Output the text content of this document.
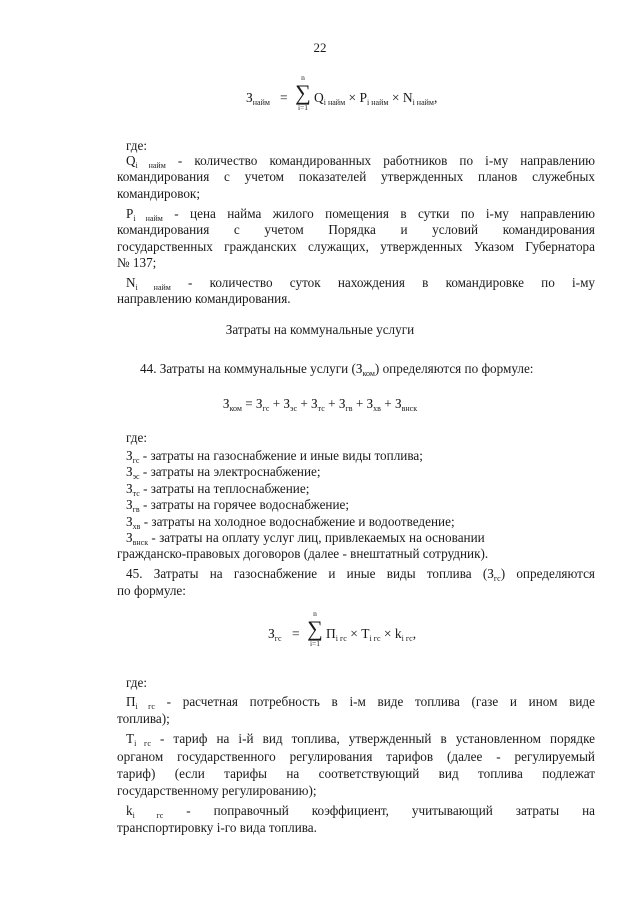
22
$З_{найм}$ =
n
∑
i=1
$Q_{i найм} \times P_{i найм} \times N_{i найм}$,
где:
$Q_{i найм}$ - количество командированных работников по i-му направлению
командирования с учетом показателей утвержденных планов служебных
командировок;
$P_{i найм}$ - цена найма жилого помещения в сутки по i-му направлению
командирования с учетом Порядка и условий командирования
государственных гражданских служащих, утвержденных Указом Губернатора
№ 137;
$N_{i найм}$ - количество суток нахождения в командировке по i-му
направлению командирования.
Затраты на коммунальные услуги
44. Затраты на коммунальные услуги $(З_{ком})$ определяются по формуле:
$З_{ком} = З_{гс} + З_{эс} + З_{тс} + З_{гв} + З_{хв} + З_{внск}$
где:
$З_{гс}$ - затраты на газоснабжение и иные виды топлива;
$З_{эс}$ - затраты на электроснабжение;
$З_{тс}$ - затраты на теплоснабжение;
$З_{гв}$ - затраты на горячее водоснабжение;
$З_{хв}$ - затраты на холодное водоснабжение и водоотведение;
$З_{внск}$ - затраты на оплату услуг лиц, привлекаемых на основании
гражданско-правовых договоров (далее - внештатный сотрудник).
45. Затраты на газоснабжение и иные виды топлива $(З_{гс})$ определяются
по формуле:
$З_{гс}$ =
n
∑
i=1
$П_{i гс} \times Т_{i гс} \times k_{i гс}$,
где:
$П_{i гс}$ - расчетная потребность в i-м виде топлива (газе и ином виде
топлива);
$Т_{i гс}$ - тариф на i-й вид топлива, утвержденный в установленном порядке
органом государственного регулирования тарифов (далее - регулируемый
тариф) (если тарифы на соответствующий вид топлива подлежат
государственному регулированию);
$k_{i гс}$ - поправочный коэффициент, учитывающий затраты на
транспортировку i-го вида топлива.
